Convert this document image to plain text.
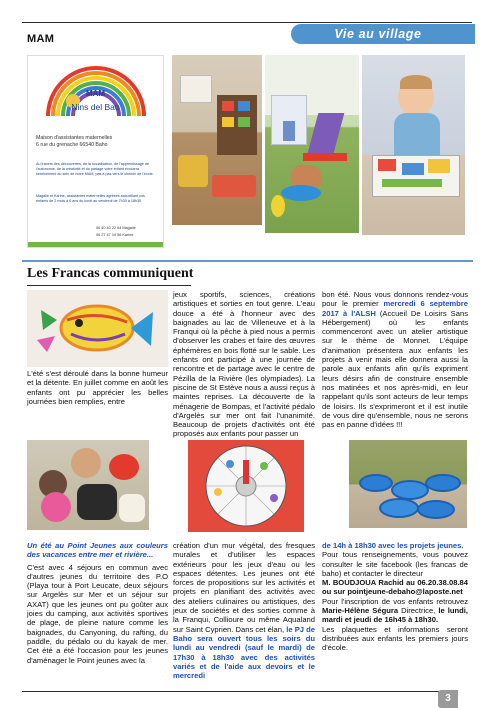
Vie au village
MAM
MAM
Nins del Bao
Maison d'assistantes maternelles
6 rue du grenache 66540 Baho
Au travers des découvertes, de la socialisation, de l'apprentissage de l'autonomie, de la créativité et du partage votre enfant évoluera sereinement au sein de notre MAM, pas à pas vers le chemin de l'école.
Magalie et Karine, assistantes maternelles agréées accueillant vos enfants de 2 mois à 6 ans du lundi au vendredi de 7h30 à 18h30
06 40 40 22 64 Magalie
06 27 47 19 56 Karine
Les Francas communiquent
L'été s'est déroulé dans la bonne humeur et la détente. En juillet comme en août les enfants ont pu apprécier les belles journées bien remplies, entre
jeux sportifs, sciences, créations artistiques et sorties en tout genre. L'eau douce a été à l'honneur avec des baignades au lac de Villeneuve et à la Franqui où la pêche à pied nous a permis d'observer les crabes et faire des œuvres éphémères en bois flotté sur le sable. Les enfants ont participé à une journée de rencontre et de partage avec le centre de Pézilla de la Rivière (les olympiades). La piscine de St Estève nous a aussi reçus à maintes reprises. La découverte de la ménagerie de Bompas, et l'activité pédalo d'Argelès sur mer ont fait l'unanimité. Beaucoup de projets d'activités ont été proposés aux enfants pour passer un
bon été. Nous vous donnons rendez-vous pour le premier mercredi 6 septembre 2017 à l'ALSH (Accueil De Loisirs Sans Hébergement) où les enfants commenceront avec un atelier artistique sur le thème de Monnet. L'équipe d'animation présentera aux enfants les projets à venir mais elle donnera aussi la parole aux enfants afin qu'ils expriment leurs désirs afin de construire ensemble nos matinées et nos après-midi, en leur rappelant qu'ils sont acteurs de leur temps de loisirs. Ils s'exprimeront et il est inutile de vous dire qu'ensemble, nous ne serons pas en panne d'idées !!!
Un été au Point Jeunes aux couleurs des vacances entre mer et rivière...
C'est avec 4 séjours en commun avec d'autres jeunes du territoire des P.O (Playa tour à Port Leucate, deux séjours sur Argelès sur Mer et un séjour sur AXAT) que les jeunes ont pu goûter aux joies du camping, aux activités sportives de plage, de pleine nature comme les baignades, du Canyoning, du rafting, du paddle, du pédalo ou du kayak de mer. Cet été a été l'occasion pour les jeunes d'aménager le Point jeunes avec la
création d'un mur végétal, des fresques murales et d'utiliser les espaces extérieurs pour les jeux d'eau ou les espaces détentes. Les jeunes ont été forces de propositions sur les activités et projets en planifiant des activités avec des ateliers culinaires ou artistiques, des jeux de sociétés et des sorties comme à la Franqui, Collioure ou même Aqualand sur Saint Cyprien. Dans cet élan, le PJ de Baho sera ouvert tous les soirs du lundi au vendredi (sauf le mardi) de 17h30 à 18h30 avec des activités variés et de l'aide aux devoirs et le mercredi
de 14h à 18h30 avec les projets jeunes.
Pour tous renseignements, vous pouvez consulter le site facebook (les francas de baho) et contacter le directeur
M. BOUDJOUA Rachid au 06.20.38.08.84 ou sur pointjeune-debaho@laposte.net
Pour l'inscription de vos enfants retrouvez Marie-Hélène Ségura Directrice, le lundi, mardi et jeudi de 16h45 à 18h30.
Les plaquettes et informations seront distribuées aux enfants les premiers jours d'école.
3
